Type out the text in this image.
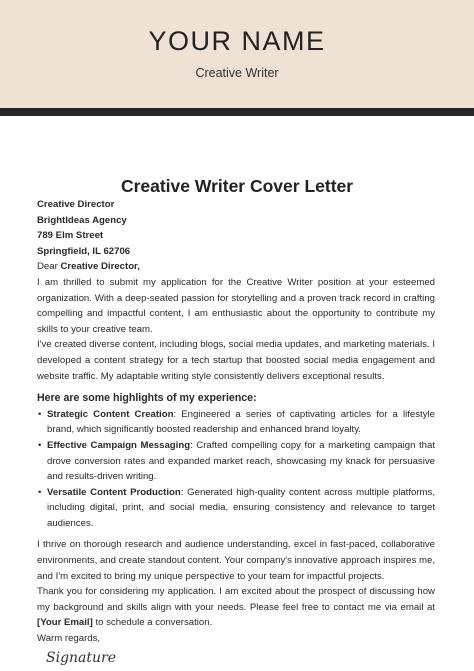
YOUR NAME
Creative Writer
Creative Writer Cover Letter

Creative Director

BrightIdeas Agency

789 Elm Street

Springfield, IL 62706

Dear Creative Director,

I am thrilled to submit my application for the Creative Writer position at your esteemed organization. With a deep-seated passion for storytelling and a proven track record in crafting compelling and impactful content, I am enthusiastic about the opportunity to contribute my skills to your creative team.

I've created diverse content, including blogs, social media updates, and marketing materials. I developed a content strategy for a tech startup that boosted social media engagement and website traffic. My adaptable writing style consistently delivers exceptional results.

Here are some highlights of my experience:

• Strategic Content Creation: Engineered a series of captivating articles for a lifestyle brand, which significantly boosted readership and enhanced brand loyalty.
• Effective Campaign Messaging: Crafted compelling copy for a marketing campaign that drove conversion rates and expanded market reach, showcasing my knack for persuasive and results-driven writing.
• Versatile Content Production: Generated high-quality content across multiple platforms, including digital, print, and social media, ensuring consistency and relevance to target audiences.

I thrive on thorough research and audience understanding, excel in fast-paced, collaborative environments, and create standout content. Your company's innovative approach inspires me, and I'm excited to bring my unique perspective to your team for impactful projects.

Thank you for considering my application. I am excited about the prospect of discussing how my background and skills align with your needs. Please feel free to contact me via email at [Your Email] to schedule a conversation.

Warm regards,

Signature
